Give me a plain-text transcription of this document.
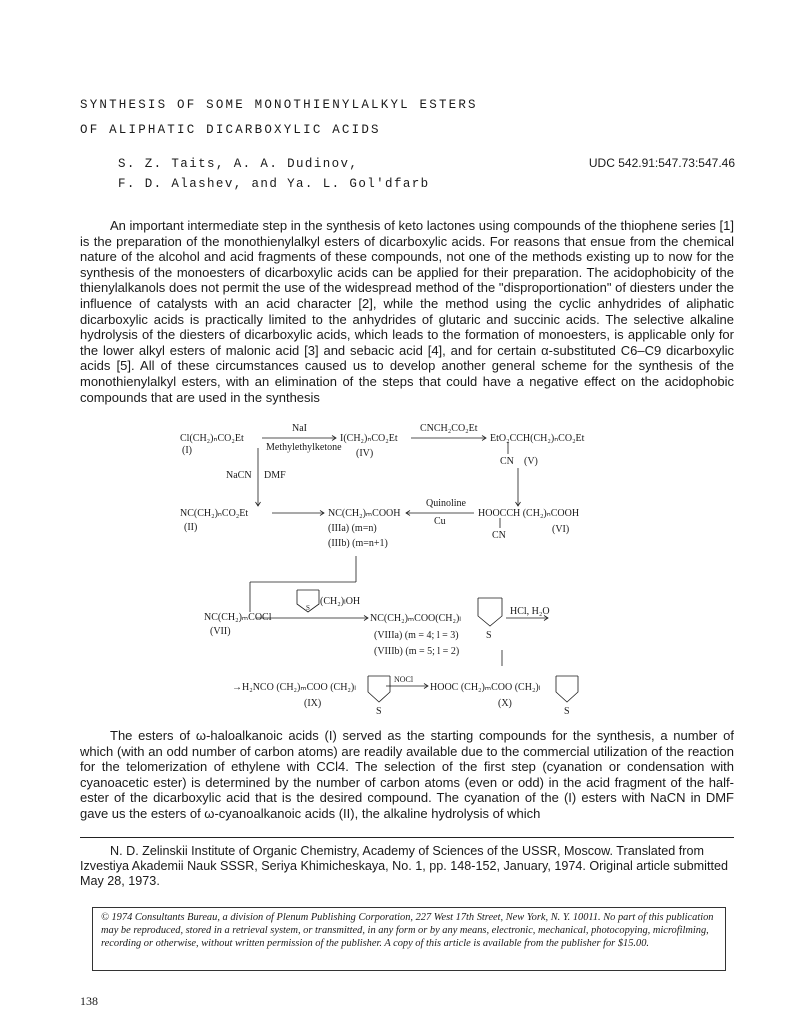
SYNTHESIS OF SOME MONOTHIENYLALKYL ESTERS
OF ALIPHATIC DICARBOXYLIC ACIDS
S. Z. Taits, A. A. Dudinov,
F. D. Alashev, and Ya. L. Gol'dfarb
UDC 542.91:547.73:547.46

An important intermediate step in the synthesis of keto lactones using compounds of the thiophene series [1] is the preparation of the monothienylalkyl esters of dicarboxylic acids. For reasons that ensue from the chemical nature of the alcohol and acid fragments of these compounds, not one of the methods existing up to now for the synthesis of the monoesters of dicarboxylic acids can be applied for their preparation. The acidophobicity of the thienylalkanols does not permit the use of the widespread method of the "disproportionation" of diesters under the influence of catalysts with an acid character [2], while the method using the cyclic anhydrides of aliphatic dicarboxylic acids is practically limited to the anhydrides of glutaric and succinic acids. The selective alkaline hydrolysis of the diesters of dicarboxylic acids, which leads to the formation of monoesters, is applicable only for the lower alkyl esters of malonic acid [3] and sebacic acid [4], and for certain α-substituted C6–C9 dicarboxylic acids [5]. All of these circumstances caused us to develop another general scheme for the synthesis of the monothienylalkyl esters, with an elimination of the steps that could have a negative effect on the acidophobic compounds that are used in the synthesis

Cl(CH₂)ₙCO₂Et
(I)
NaI
Methylethylketone
I(CH₂)ₙCO₂Et
(IV)
CNCH₂CO₂Et
EtO₂CCH(CH₂)ₙCO₂Et
CN (V)
NaCN DMF
NC(CH₂)ₙCO₂Et
(II)
NC(CH₂)ₘCOOH
(IIIa) (m=n)
(IIIb) (m=n+1)
Quinoline
Cu
HOOCCH (CH₂)ₙCOOH
CN
(VI)
NC(CH₂)ₘCOCl
(VII)
S
(CH₂)ₗOH
NC(CH₂)ₘCOO(CH₂)ₗ
S
(VIIIa) (m = 4; l = 3)
(VIIIb) (m = 5; l = 2)
HCl, H₂O
→H₂NCO (CH₂)ₘCOO (CH₂)ₗ
(IX)
S
NOCl
HOOC (CH₂)ₘCOO (CH₂)ₗ
(X)
S

The esters of ω-haloalkanoic acids (I) served as the starting compounds for the synthesis, a number of which (with an odd number of carbon atoms) are readily available due to the commercial utilization of the reaction for the telomerization of ethylene with CCl4. The selection of the first step (cyanation or condensation with cyanoacetic ester) is determined by the number of carbon atoms (even or odd) in the acid fragment of the half-ester of the dicarboxylic acid that is the desired compound. The cyanation of the (I) esters with NaCN in DMF gave us the esters of ω-cyanoalkanoic acids (II), the alkaline hydrolysis of which

N. D. Zelinskii Institute of Organic Chemistry, Academy of Sciences of the USSR, Moscow. Translated from Izvestiya Akademii Nauk SSSR, Seriya Khimicheskaya, No. 1, pp. 148-152, January, 1974. Original article submitted May 28, 1973.

© 1974 Consultants Bureau, a division of Plenum Publishing Corporation, 227 West 17th Street, New York, N. Y. 10011. No part of this publication may be reproduced, stored in a retrieval system, or transmitted, in any form or by any means, electronic, mechanical, photocopying, microfilming, recording or otherwise, without written permission of the publisher. A copy of this article is available from the publisher for $15.00.
138
